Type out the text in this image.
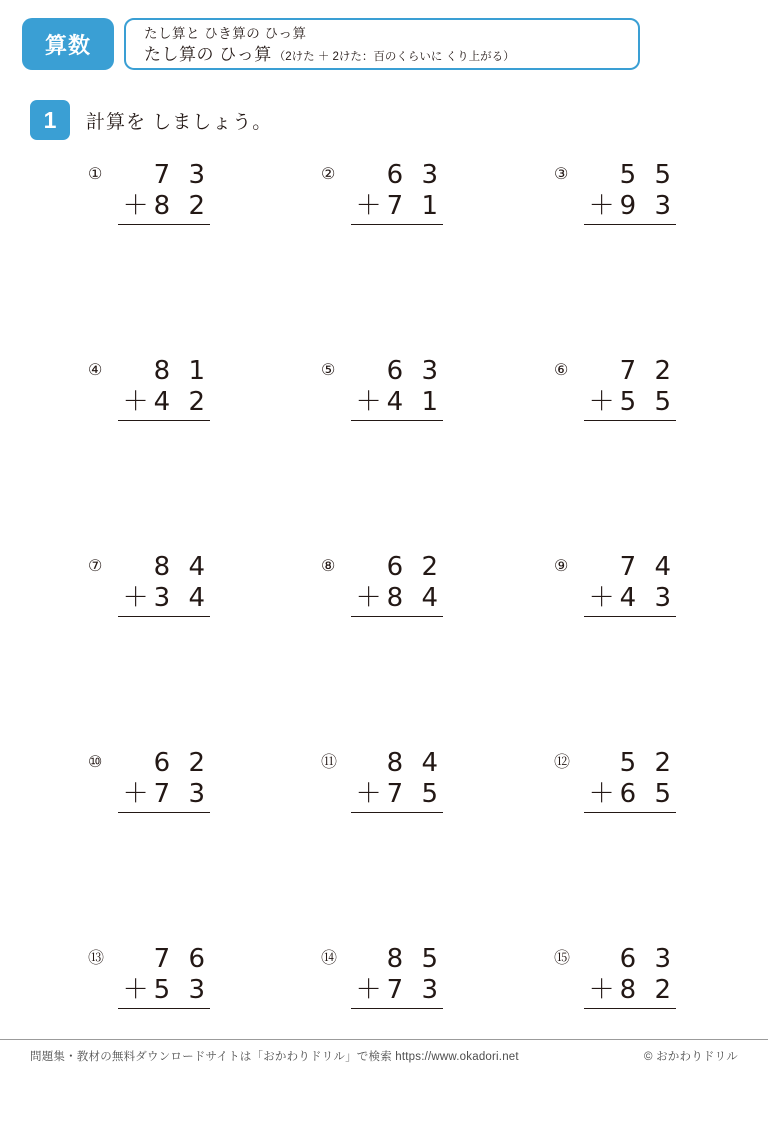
算数	たし算と ひき算の ひっ算
たし算の ひっ算 （2けた ＋ 2けた：百のくらいに くり上がる）
1	計算を しましょう。
①	7 3
＋8 2
②	6 3
＋7 1
③	5 5
＋9 3
④	8 1
＋4 2
⑤	6 3
＋4 1
⑥	7 2
＋5 5
⑦	8 4
＋3 4
⑧	6 2
＋8 4
⑨	7 4
＋4 3
⑩	6 2
＋7 3
⑪	8 4
＋7 5
⑫	5 2
＋6 5
⑬	7 6
＋5 3
⑭	8 5
＋7 3
⑮	6 3
＋8 2
問題集・教材の無料ダウンロードサイトは「おかわりドリル」で検索 https://www.okadori.net	© おかわりドリル
